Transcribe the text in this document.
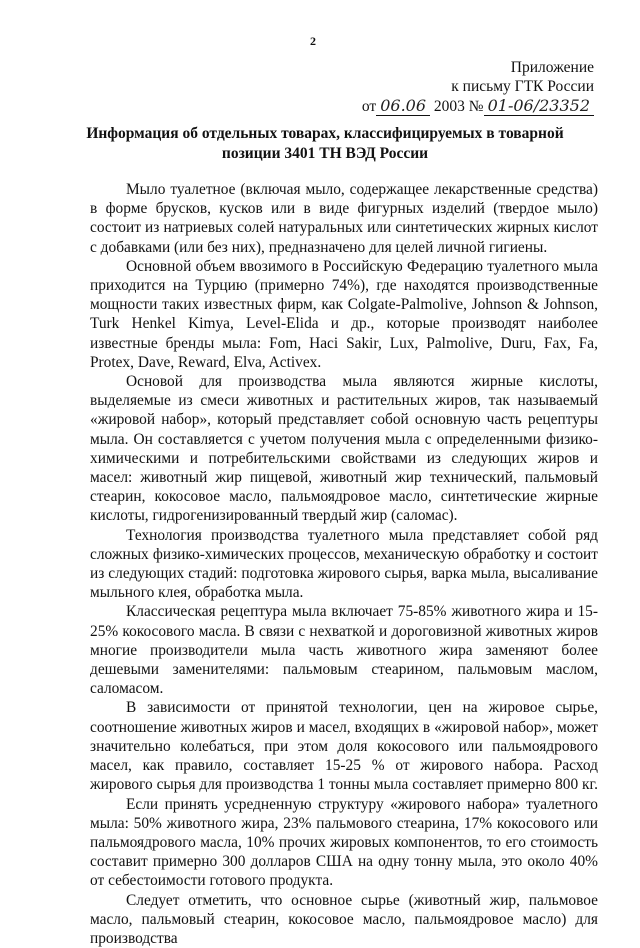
2
Приложение
к письму ГТК России
от 06.06 2003 № 01-06/23352
Информация об отдельных товарах, классифицируемых в товарной
позиции 3401 ТН ВЭД России

Мыло туалетное (включая мыло, содержащее лекарственные средства) в форме брусков, кусков или в виде фигурных изделий (твердое мыло) состоит из натриевых солей натуральных или синтетических жирных кислот с добавками (или без них), предназначено для целей личной гигиены.

Основной объем ввозимого в Российскую Федерацию туалетного мыла приходится на Турцию (примерно 74%), где находятся производственные мощности таких известных фирм, как Colgate-Palmolive, Johnson & Johnson, Turk Henkel Kimya, Level-Elida и др., которые производят наиболее известные бренды мыла: Fom, Haci Sakir, Lux, Palmolive, Duru, Fax, Fa, Protex, Dave, Reward, Elva, Activex.

Основой для производства мыла являются жирные кислоты, выделяемые из смеси животных и растительных жиров, так называемый «жировой набор», который представляет собой основную часть рецептуры мыла. Он составляется с учетом получения мыла с определенными физико-химическими и потребительскими свойствами из следующих жиров и масел: животный жир пищевой, животный жир технический, пальмовый стеарин, кокосовое масло, пальмоядровое масло, синтетические жирные кислоты, гидрогенизированный твердый жир (саломас).

Технология производства туалетного мыла представляет собой ряд сложных физико-химических процессов, механическую обработку и состоит из следующих стадий: подготовка жирового сырья, варка мыла, высаливание мыльного клея, обработка мыла.

Классическая рецептура мыла включает 75-85% животного жира и 15-25% кокосового масла. В связи с нехваткой и дороговизной животных жиров многие производители мыла часть животного жира заменяют более дешевыми заменителями: пальмовым стеарином, пальмовым маслом, саломасом.

В зависимости от принятой технологии, цен на жировое сырье, соотношение животных жиров и масел, входящих в «жировой набор», может значительно колебаться, при этом доля кокосового или пальмоядрового масел, как правило, составляет 15-25 % от жирового набора. Расход жирового сырья для производства 1 тонны мыла составляет примерно 800 кг.

Если принять усредненную структуру «жирового набора» туалетного мыла: 50% животного жира, 23% пальмового стеарина, 17% кокосового или пальмоядрового масла, 10% прочих жировых компонентов, то его стоимость составит примерно 300 долларов США на одну тонну мыла, это около 40% от себестоимости готового продукта.

Следует отметить, что основное сырье (животный жир, пальмовое масло, пальмовый стеарин, кокосовое масло, пальмоядровое масло) для производства
